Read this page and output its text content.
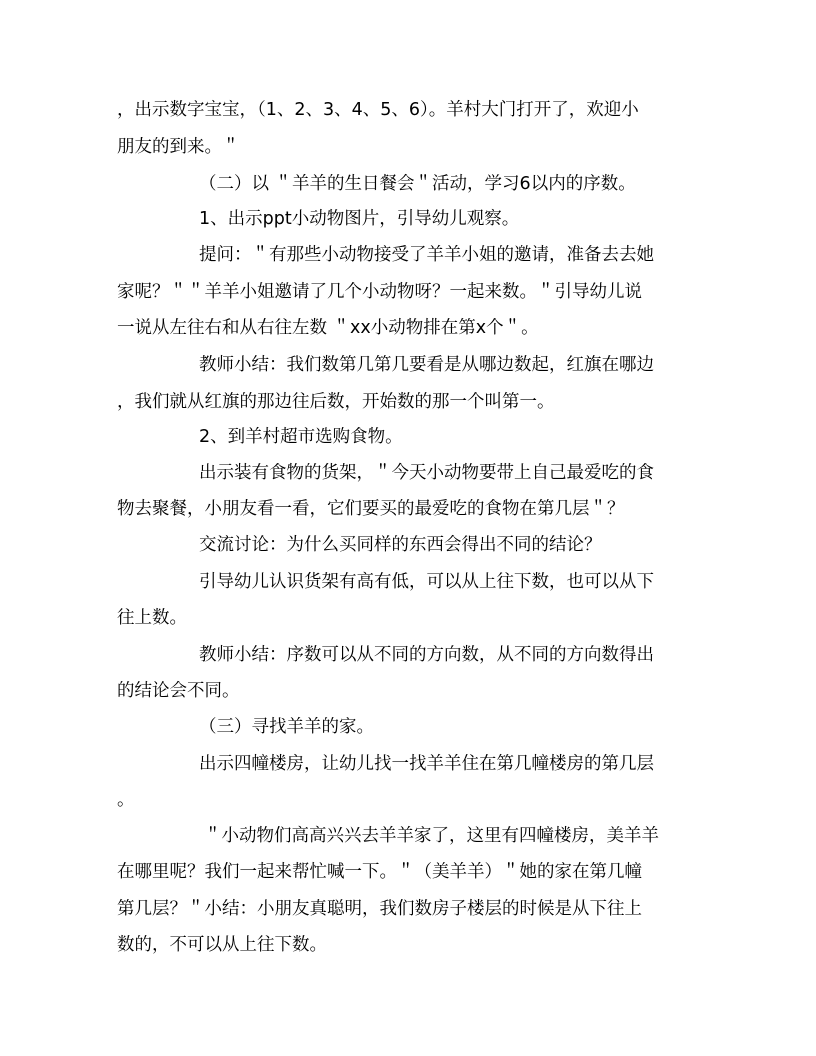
，出示数字宝宝，（1、2、3、4、5、6）。羊村大门打开了，欢迎小
朋友的到来。＂
（二）以 ＂羊羊的生日餐会＂活动，学习6以内的序数。
1、出示ppt小动物图片，引导幼儿观察。
提问：＂有那些小动物接受了羊羊小姐的邀请，准备去去她
家呢？＂＂羊羊小姐邀请了几个小动物呀？一起来数。＂引导幼儿说
一说从左往右和从右往左数 ＂xx小动物排在第x个＂。
教师小结：我们数第几第几要看是从哪边数起，红旗在哪边
，我们就从红旗的那边往后数，开始数的那一个叫第一。
2、到羊村超市选购食物。
出示装有食物的货架，＂今天小动物要带上自己最爱吃的食
物去聚餐，小朋友看一看，它们要买的最爱吃的食物在第几层＂？
交流讨论：为什么买同样的东西会得出不同的结论？
引导幼儿认识货架有高有低，可以从上往下数，也可以从下
往上数。
教师小结：序数可以从不同的方向数，从不同的方向数得出
的结论会不同。
（三）寻找羊羊的家。
出示四幢楼房，让幼儿找一找羊羊住在第几幢楼房的第几层
。
＂小动物们高高兴兴去羊羊家了，这里有四幢楼房，美羊羊
在哪里呢？我们一起来帮忙喊一下。＂（美羊羊）＂她的家在第几幢
第几层？＂小结：小朋友真聪明，我们数房子楼层的时候是从下往上
数的，不可以从上往下数。
